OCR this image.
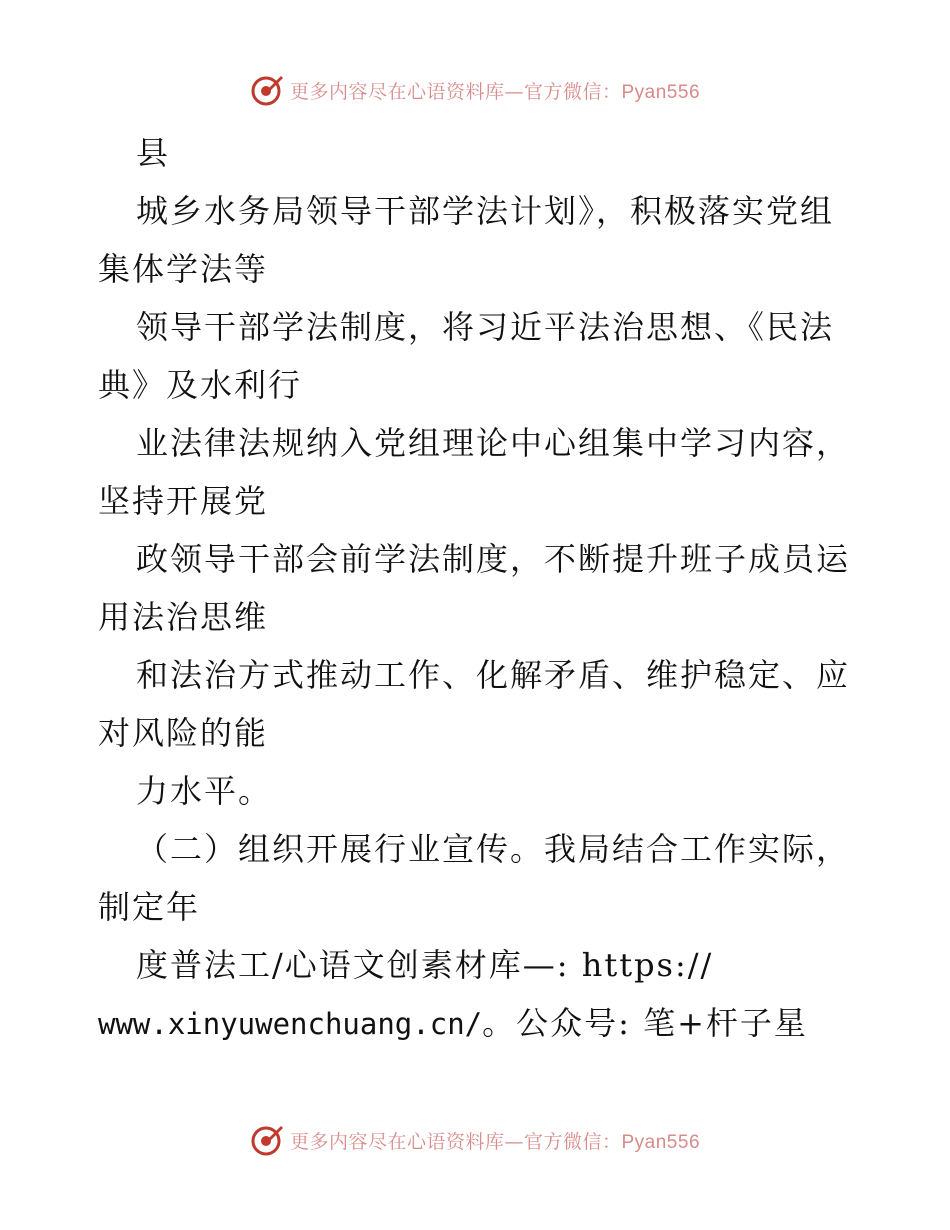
更多内容尽在心语资料库—官方微信：Pyan556
县
城乡水务局领导干部学法计划》，积极落实党组
集体学法等
领导干部学法制度，将习近平法治思想、《民法
典》及水利行
业法律法规纳入党组理论中心组集中学习内容，
坚持开展党
政领导干部会前学法制度，不断提升班子成员运
用法治思维
和法治方式推动工作、化解矛盾、维护稳定、应
对风险的能
力水平。
（二）组织开展行业宣传。我局结合工作实际，
制定年
度普法工/心语文创素材库—: https://
www.xinyuwenchuang.cn/。公众号: 笔+杆子星
更多内容尽在心语资料库—官方微信：Pyan556
